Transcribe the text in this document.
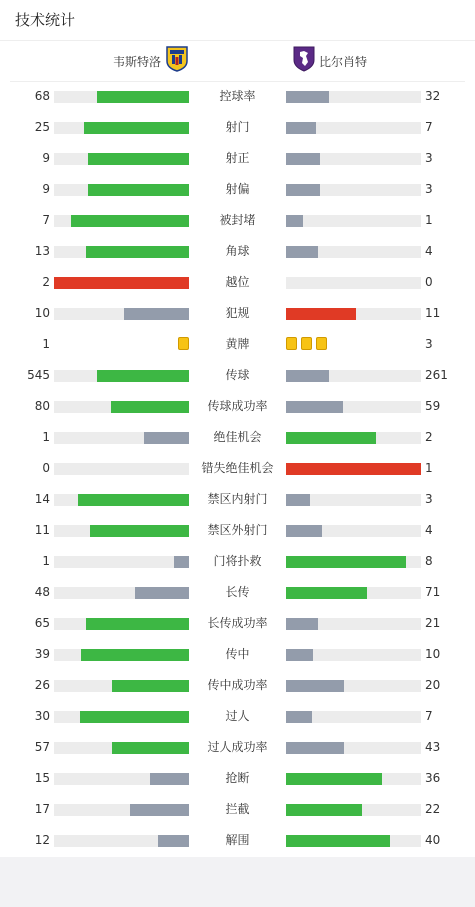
技术统计
韦斯特洛	比尔肖特
68	控球率	32
25	射门	7
9	射正	3
9	射偏	3
7	被封堵	1
13	角球	4
2	越位	0
10	犯规	11
1	黄牌	3
545	传球	261
80	传球成功率	59
1	绝佳机会	2
0	错失绝佳机会	1
14	禁区内射门	3
11	禁区外射门	4
1	门将扑救	8
48	长传	71
65	长传成功率	21
39	传中	10
26	传中成功率	20
30	过人	7
57	过人成功率	43
15	抢断	36
17	拦截	22
12	解围	40
